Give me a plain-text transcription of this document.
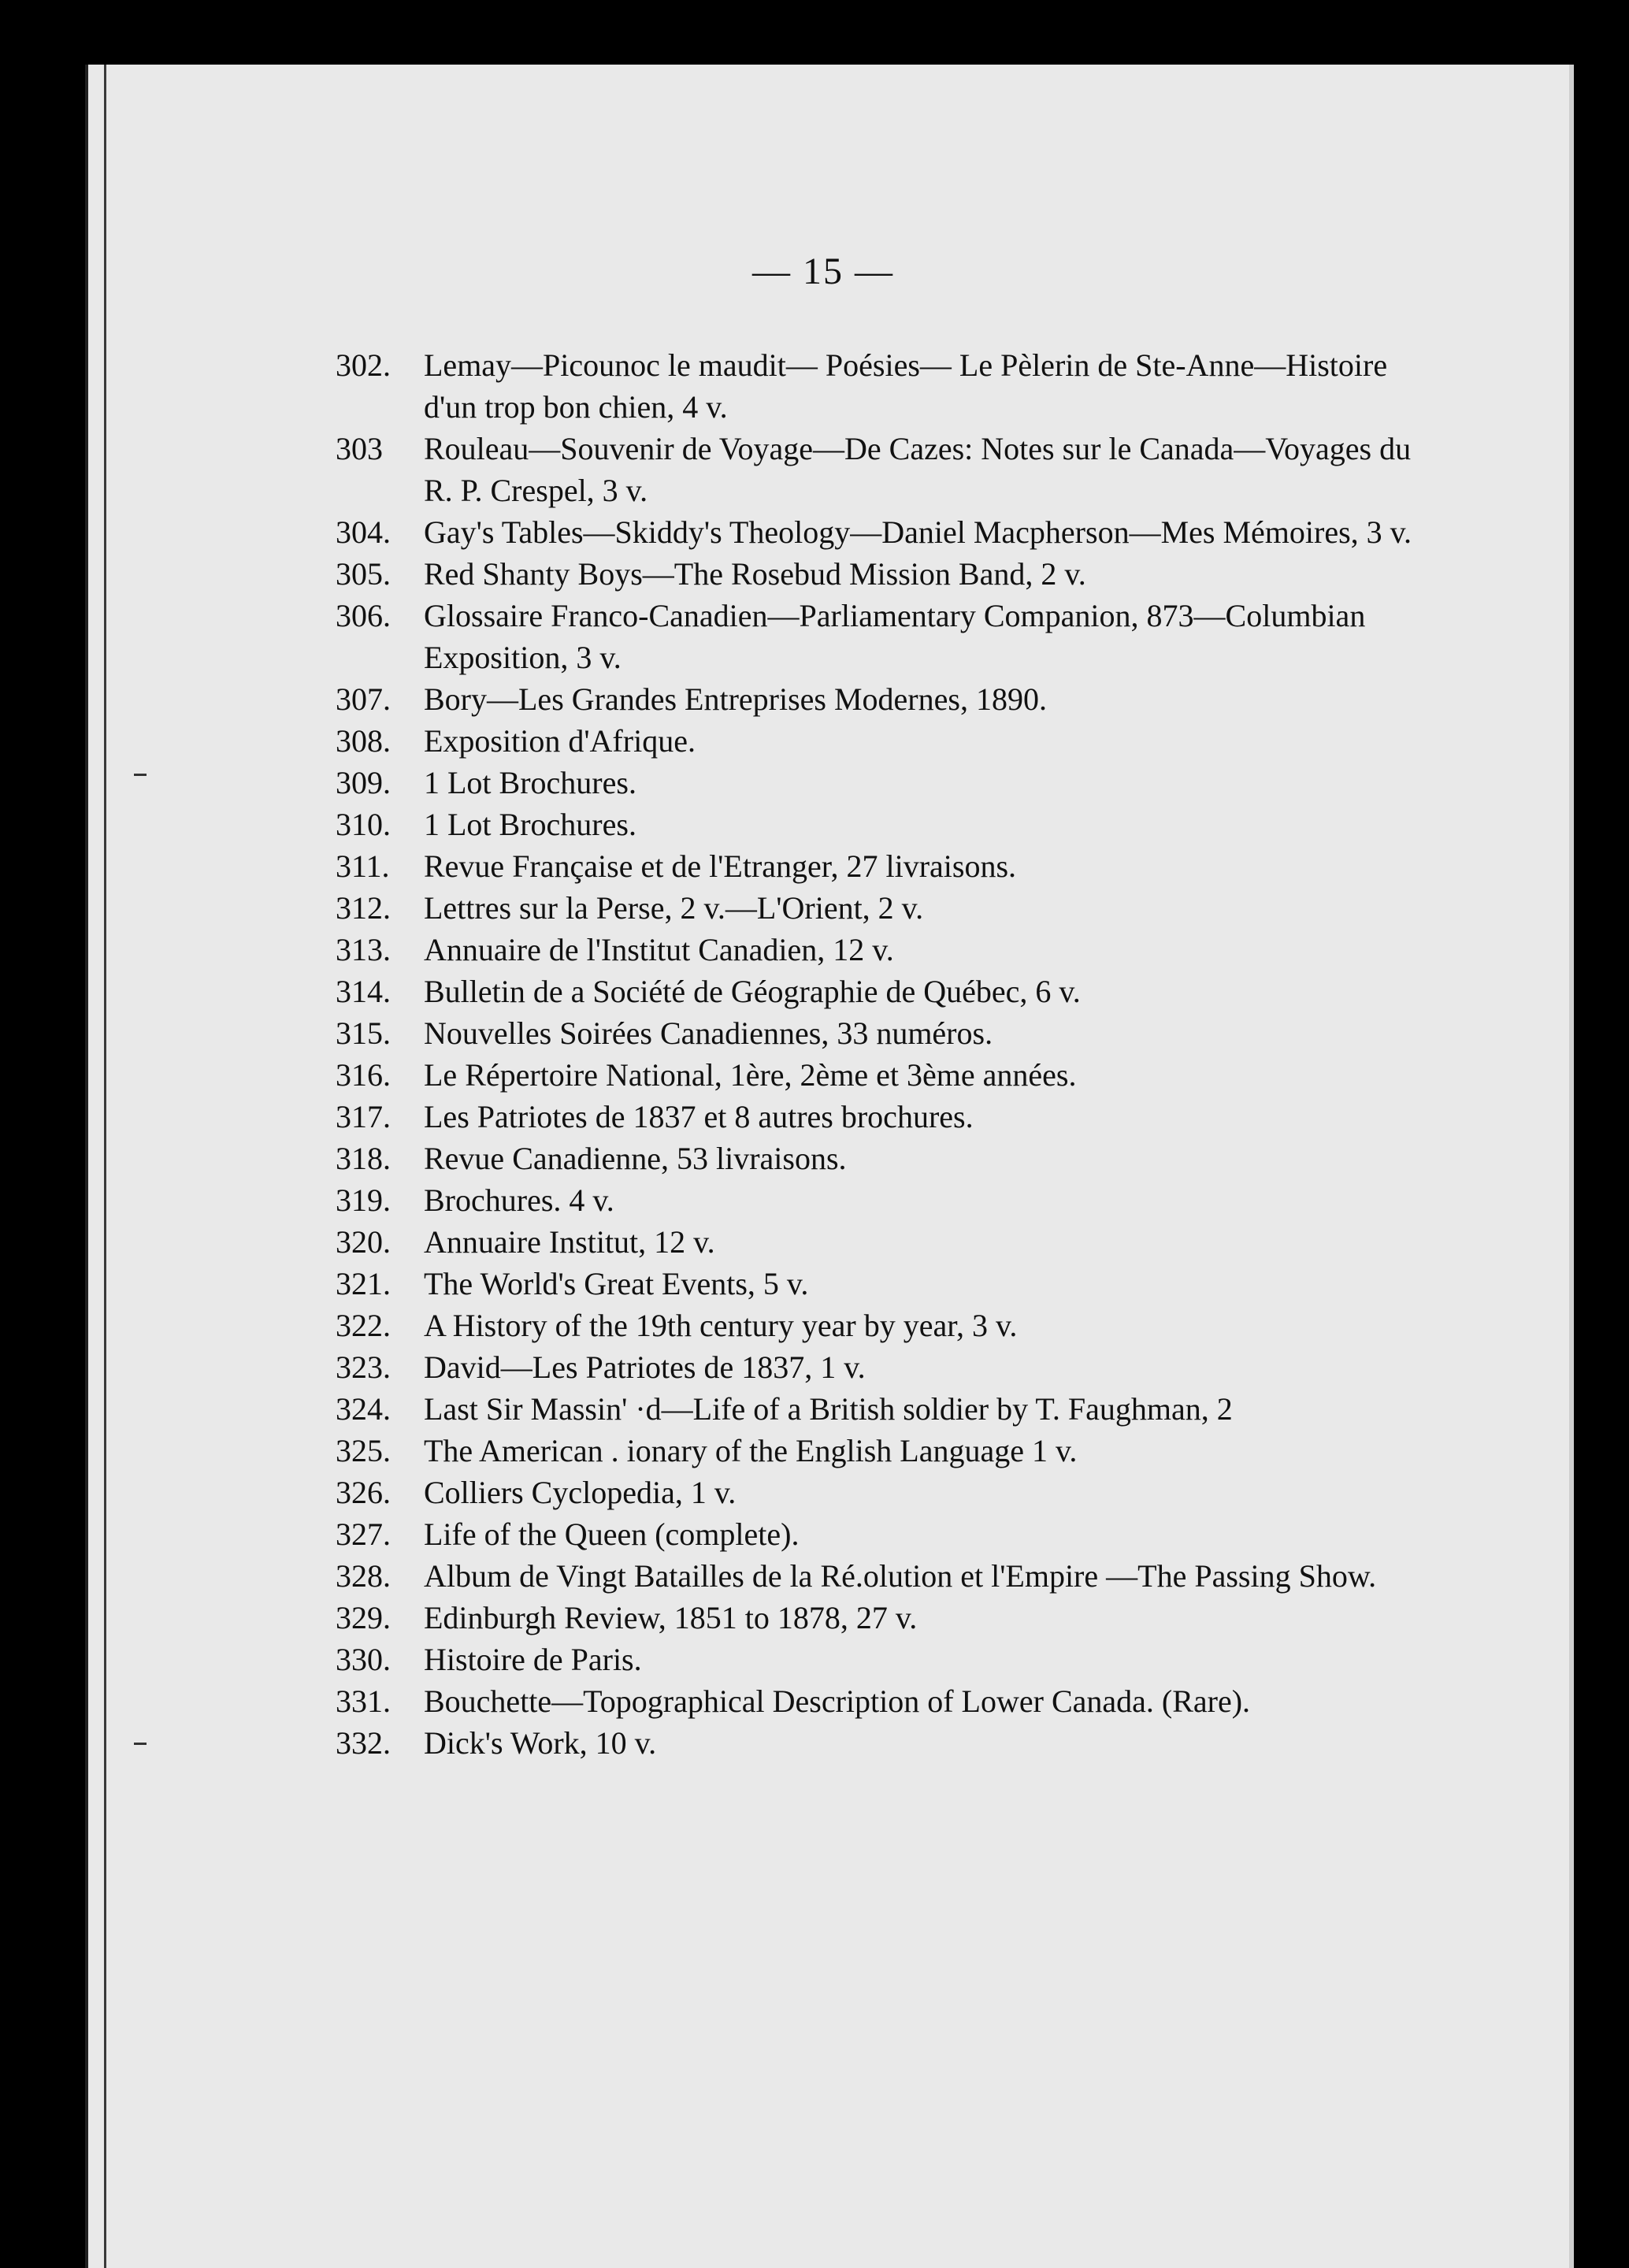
— 15 —
302.	Lemay—Picounoc le maudit— Poésies— Le Pèlerin de Ste-Anne—Histoire d'un trop bon chien, 4 v.
303	Rouleau—Souvenir de Voyage—De Cazes: Notes sur le Canada—Voyages du R. P. Crespel, 3 v.
304.	Gay's Tables—Skiddy's Theology—Daniel Macpherson—Mes Mémoires, 3 v.
305.	Red Shanty Boys—The Rosebud Mission Band, 2 v.
306.	Glossaire Franco-Canadien—Parliamentary Companion, 873—Columbian Exposition, 3 v.
307.	Bory—Les Grandes Entreprises Modernes, 1890.
308.	Exposition d'Afrique.
309.	1 Lot Brochures.
310.	1 Lot Brochures.
311.	Revue Française et de l'Etranger, 27 livraisons.
312.	Lettres sur la Perse, 2 v.—L'Orient, 2 v.
313.	Annuaire de l'Institut Canadien, 12 v.
314.	Bulletin de a Société de Géographie de Québec, 6 v.
315.	Nouvelles Soirées Canadiennes, 33 numéros.
316.	Le Répertoire National, 1ère, 2ème et 3ème années.
317.	Les Patriotes de 1837 et 8 autres brochures.
318.	Revue Canadienne, 53 livraisons.
319.	Brochures. 4 v.
320.	Annuaire Institut, 12 v.
321.	The World's Great Events, 5 v.
322.	A History of the 19th century year by year, 3 v.
323.	David—Les Patriotes de 1837, 1 v.
324.	Last Sir Massin' ·d—Life of a British soldier by T. Faughman, 2
325.	The American . ionary of the English Language 1 v.
326.	Colliers Cyclopedia, 1 v.
327.	Life of the Queen (complete).
328.	Album de Vingt Batailles de la Ré.olution et l'Empire —The Passing Show.
329.	Edinburgh Review, 1851 to 1878, 27 v.
330.	Histoire de Paris.
331.	Bouchette—Topographical Description of Lower Canada. (Rare).
332.	Dick's Work, 10 v.
